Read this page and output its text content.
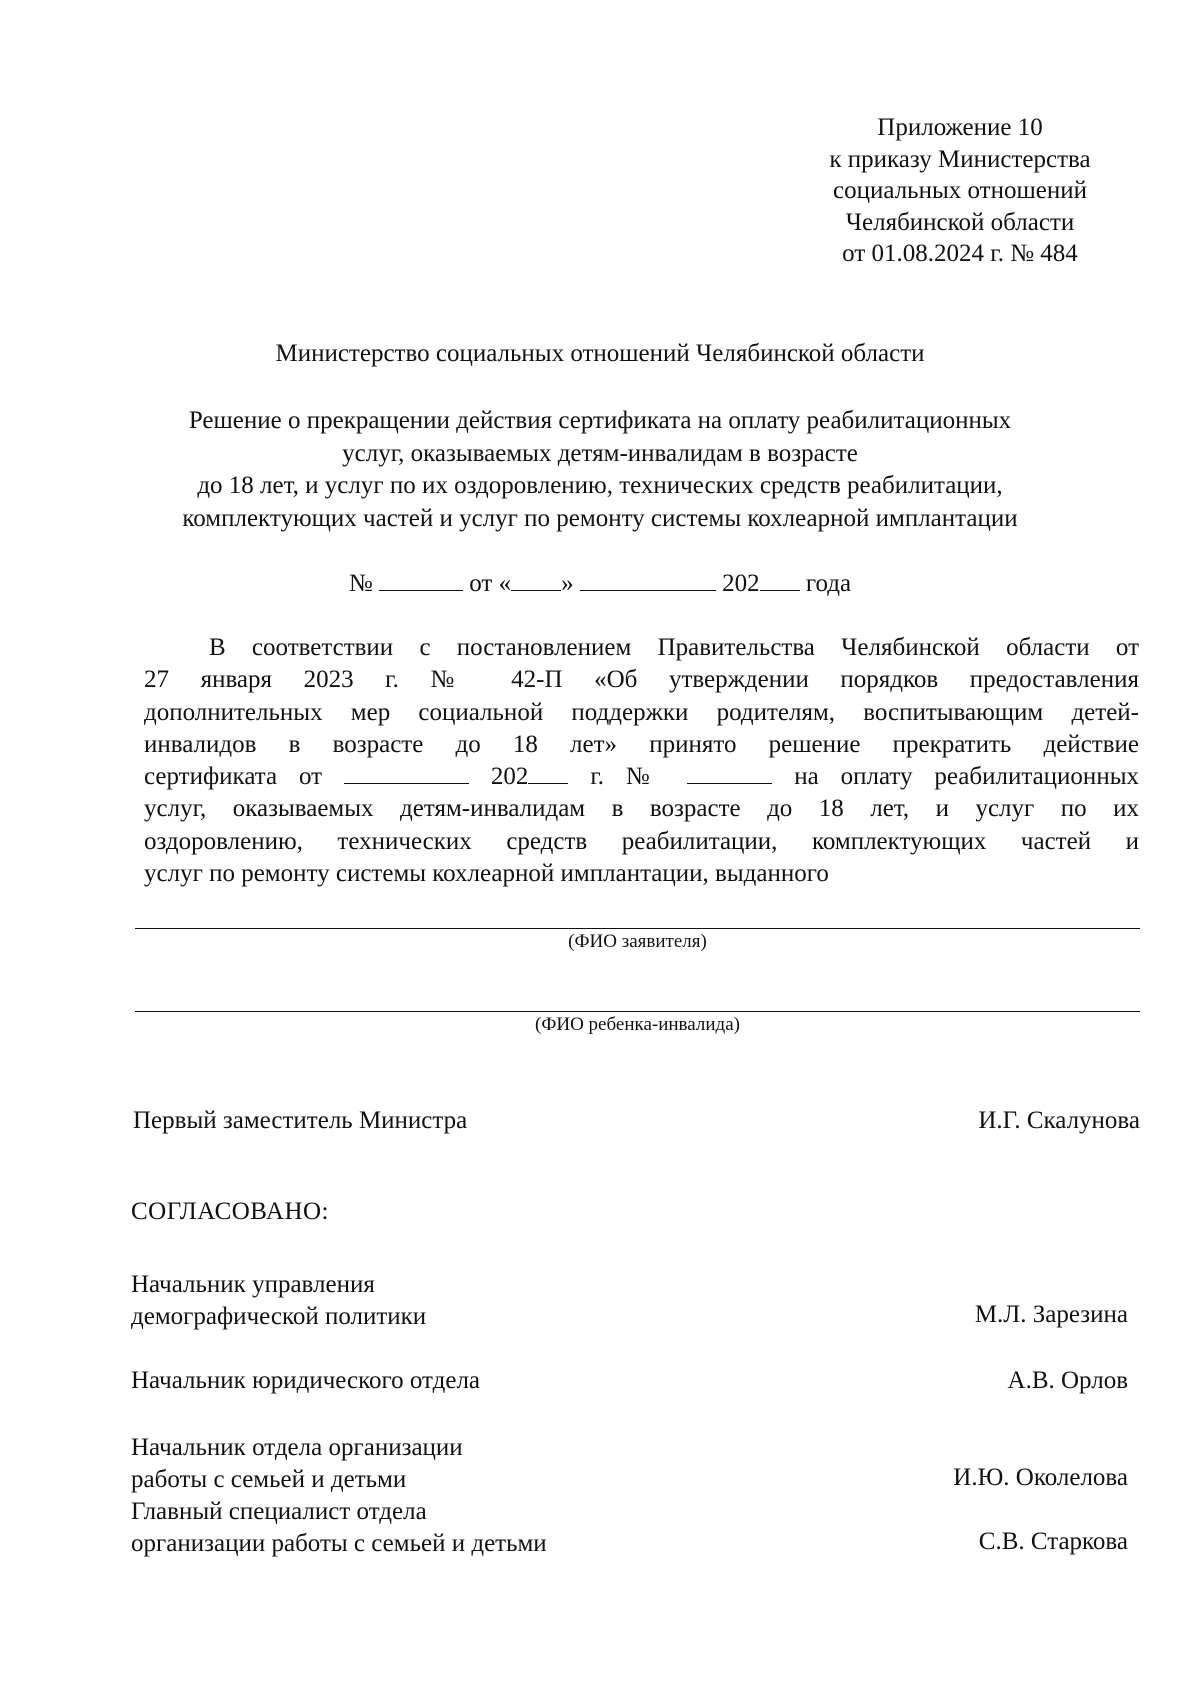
Приложение 10
к приказу Министерства
социальных отношений
Челябинской области
от 01.08.2024 г. № 484
Министерство социальных отношений Челябинской области
Решение о прекращении действия сертификата на оплату реабилитационных
услуг, оказываемых детям-инвалидам в возрасте
до 18 лет, и услуг по их оздоровлению, технических средств реабилитации,
комплектующих частей и услуг по ремонту системы кохлеарной имплантации
№	от « »	202 года
В соответствии с постановлением Правительства Челябинской области от
27 января 2023 г. № 42-П «Об утверждении порядков предоставления
дополнительных мер социальной поддержки родителям, воспитывающим детей-
инвалидов в возрасте до 18 лет» принято решение прекратить действие
сертификата от	202 г. №	на оплату реабилитационных
услуг, оказываемых детям-инвалидам в возрасте до 18 лет, и услуг по их
оздоровлению, технических средств реабилитации, комплектующих частей и
услуг по ремонту системы кохлеарной имплантации, выданного
(ФИО заявителя)
(ФИО ребенка-инвалида)
Первый заместитель Министра	И.Г. Скалунова
СОГЛАСОВАНО:
Начальник управления
демографической политики	М.Л. Зарезина
Начальник юридического отдела	А.В. Орлов
Начальник отдела организации
работы с семьей и детьми	И.Ю. Околелова
Главный специалист отдела
организации работы с семьей и детьми	С.В. Старкова
